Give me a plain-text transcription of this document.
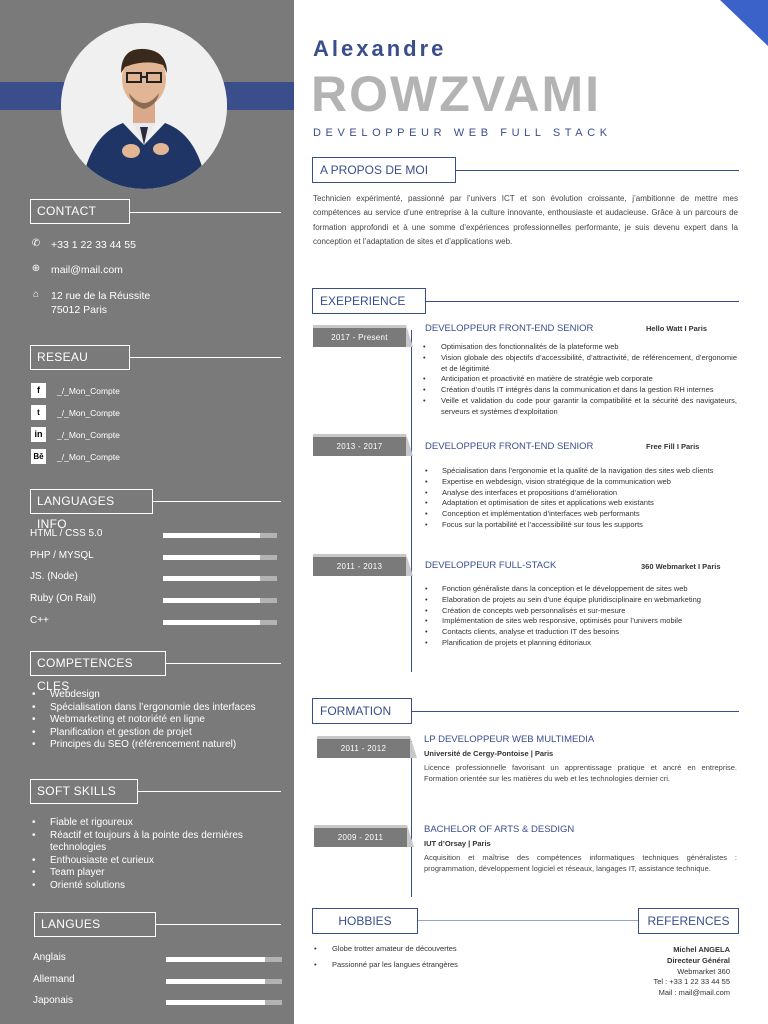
CONTACT
✆ +33 1 22 33 44 55
⊕ mail@mail.com
⌂ 12 rue de la Réussite
75012 Paris
RESEAU
f	_/_Mon_Compte
t	_/_Mon_Compte
in	_/_Mon_Compte
Bē _/_Mon_Compte
LANGUAGES INFO
HTML / CSS 5.0
PHP / MYSQL
JS. (Node)
Ruby (On Rail)
C++
COMPETENCES CLES
• Webdesign
• Spécialisation dans l’ergonomie des interfaces
• Webmarketing et notoriété en ligne
• Planification et gestion de projet
• Principes du SEO (référencement naturel)
SOFT SKILLS
• Fiable et rigoureux
• Réactif et toujours à la pointe des dernières technologies
• Enthousiaste et curieux
• Team player
• Orienté solutions
LANGUES
Anglais
Allemand
Japonais
Alexandre
ROWZVAMI
DEVELOPPEUR WEB FULL STACK
A PROPOS DE MOI
Technicien expérimenté, passionné par l’univers ICT et son évolution croissante, j’ambitionne de mettre mes compétences au service d’une entreprise à la culture innovante, enthousiaste et audacieuse. Grâce à un parcours de formation approfondi et à une somme d’expériences professionnelles performante, je suis devenu expert dans la conception et l’adaptation de sites et d’applications web.
EXEPERIENCE
2017 - Present
DEVELOPPEUR FRONT-END SENIOR	Hello Watt I Paris
• Optimisation des fonctionnalités de la plateforme web
• Vision globale des objectifs d’accessibilité, d’attractivité, de référencement, d’ergonomie et de légitimité
• Anticipation et proactivité en matière de stratégie web corporate
• Création d’outils IT intégrés dans la communication et dans la gestion RH internes
• Veille et validation du code pour garantir la compatibilité et la sécurité des navigateurs, serveurs et systèmes d’exploitation
2013 - 2017	DEVELOPPEUR FRONT-END SENIOR	Free Fill I Paris
• Spécialisation dans l’ergonomie et la qualité de la navigation des sites web clients
• Expertise en webdesign, vision stratégique de la communication web
• Analyse des interfaces et propositions d’amélioration
• Adaptation et optimisation de sites et applications web existants
• Conception et implémentation d’interfaces web performants
• Focus sur la portabilité et l’accessibilité sur tous les supports
2011 - 2013	DEVELOPPEUR FULL-STACK	360 Webmarket I Paris
• Fonction généraliste dans la conception et le développement de sites web
• Elaboration de projets au sein d’une équipe pluridisciplinaire en webmarketing
• Création de concepts web personnalisés et sur-mesure
• Implémentation de sites web responsive, optimisés pour l’univers mobile
• Contacts clients, analyse et traduction IT des besoins
• Planification de projets et planning éditoriaux
FORMATION
2011 - 2012
LP DEVELOPPEUR WEB MULTIMEDIA
Université de Cergy-Pontoise | Paris
Licence professionnelle favorisant un apprentissage pratique et ancré en entreprise. Formation orientée sur les matières du web et les technologies dernier cri.
2009 - 2011
BACHELOR OF ARTS & DESDIGN
IUT d’Orsay | Paris
Acquisition et maîtrise des compétences informatiques techniques généralistes : programmation, développement logiciel et réseaux, langages IT, assistance technique.
HOBBIES	REFERENCES
• Globe trotter amateur de découvertes
• Passionné par les langues étrangères
Michel ANGELA
Directeur Général
Webmarket 360
Tel : +33 1 22 33 44 55
Mail : mail@mail.com
